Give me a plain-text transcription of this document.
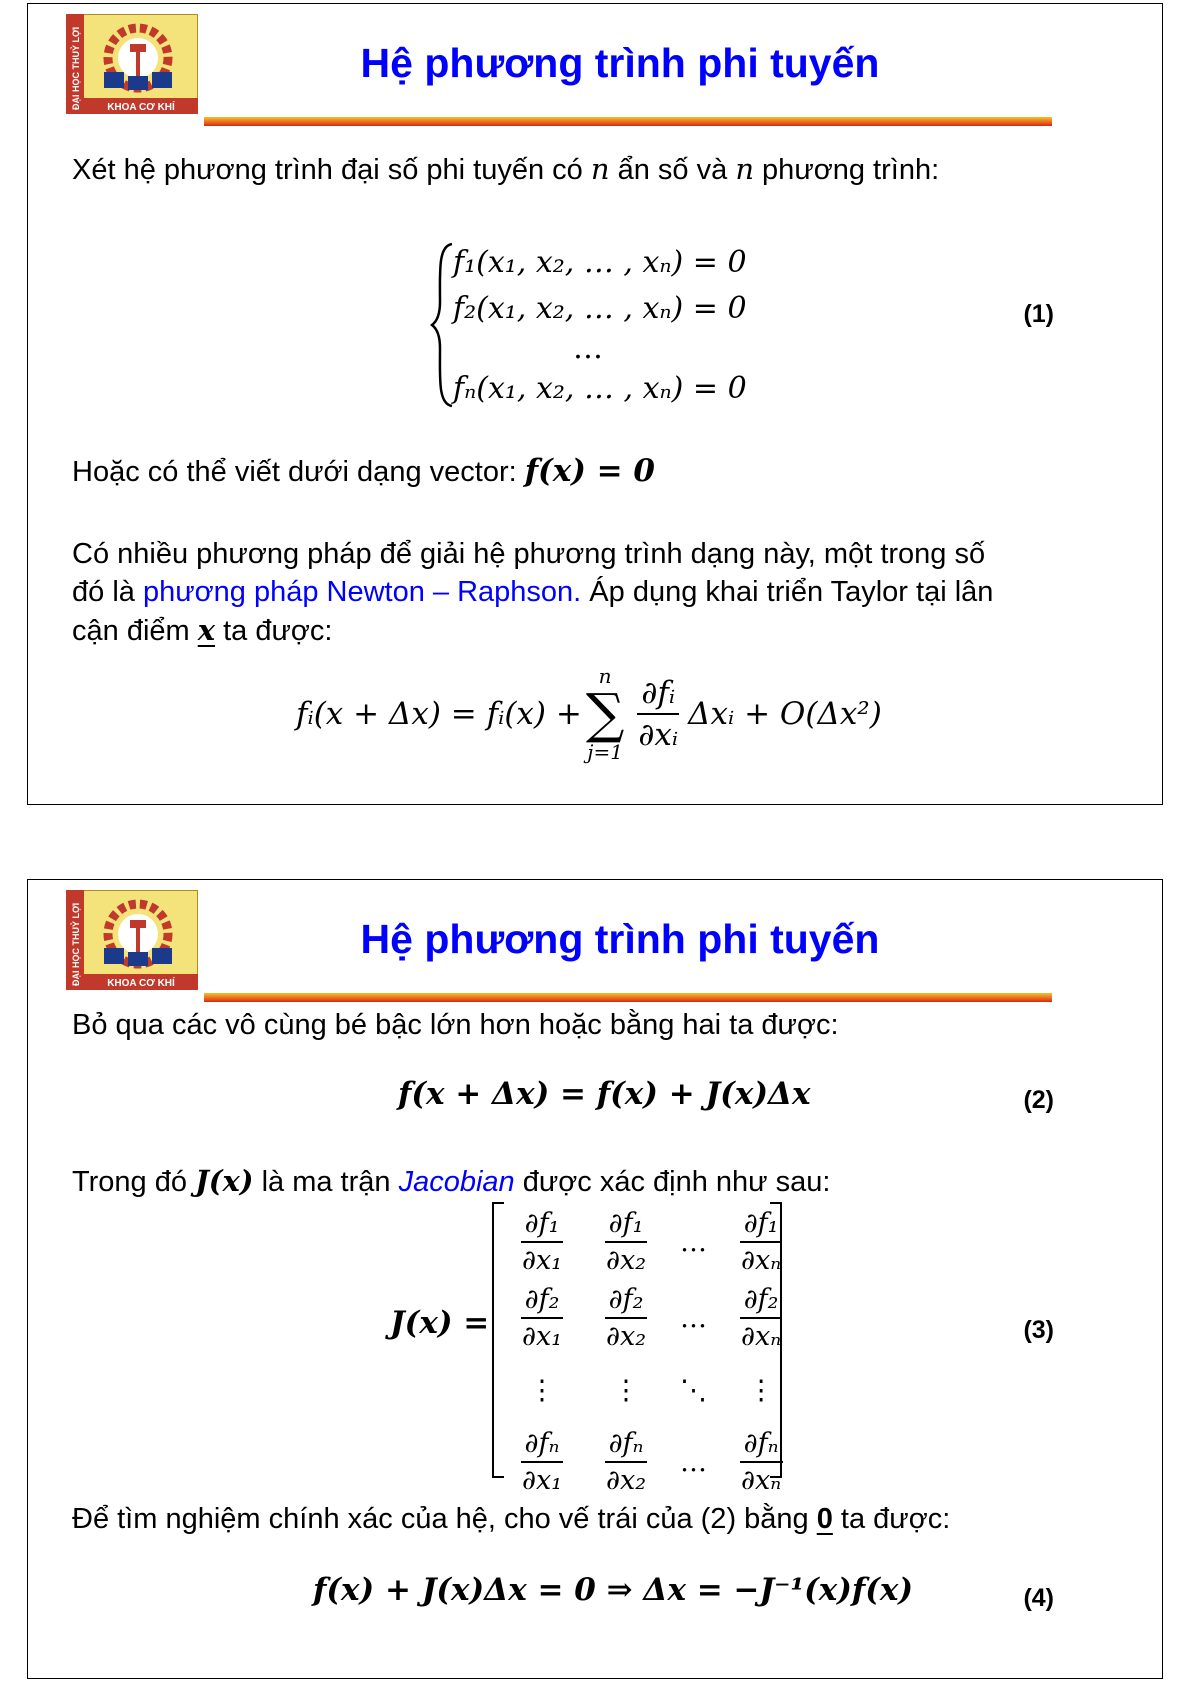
ĐẠI HỌC THUỶ LỢI	KHOA CƠ KHÍ
Hệ phương trình phi tuyến
Xét hệ phương trình đại số phi tuyến có n ẩn số và n phương trình:
f₁(x₁, x₂, … , xₙ) = 0
f₂(x₁, x₂, … , xₙ) = 0
…
fₙ(x₁, x₂, … , xₙ) = 0
(1)
Hoặc có thể viết dưới dạng vector: f(x) = 0
Có nhiều phương pháp để giải hệ phương trình dạng này, một trong số
đó là phương pháp Newton – Raphson. Áp dụng khai triển Taylor tại lân
cận điểm x ta được:
fᵢ(x + Δx) = fᵢ(x) +
n
∑
$j=1 \frac{\text{∂fᵢ}}{\text{∂xᵢ}}$ Δxᵢ + O(Δx²)
ĐẠI HỌC THUỶ LỢI	KHOA CƠ KHÍ
Hệ phương trình phi tuyến
Bỏ qua các vô cùng bé bậc lớn hơn hoặc bằng hai ta được:
f(x + Δx) = f(x) + J(x)Δx	(2)
Trong đó J(x) là ma trận Jacobian được xác định như sau:
J(x) =
$\frac{\text{∂f₁}}{\text{∂x₁}}$	$\frac{\text{∂f₁}}{\text{∂x₂}}$	…	$\frac{\text{∂f₁}}{\text{∂xₙ}}$

$\frac{\text{∂f₂}}{\text{∂x₁}}$	$\frac{\text{∂f₂}}{\text{∂x₂}}$	…	$\frac{\text{∂f₂}}{\text{∂xₙ}}$

⋮	⋮	⋱	⋮

$\frac{\text{∂fₙ}}{\text{∂x₁}}$	$\frac{\text{∂fₙ}}{\text{∂x₂}}$	…	$\frac{\text{∂fₙ}}{\text{∂xₙ}}$
(3)
Để tìm nghiệm chính xác của hệ, cho vế trái của (2) bằng 0 ta được:
f(x) + J(x)Δx = 0 ⇒ Δx = −J⁻¹(x)f(x)	(4)
